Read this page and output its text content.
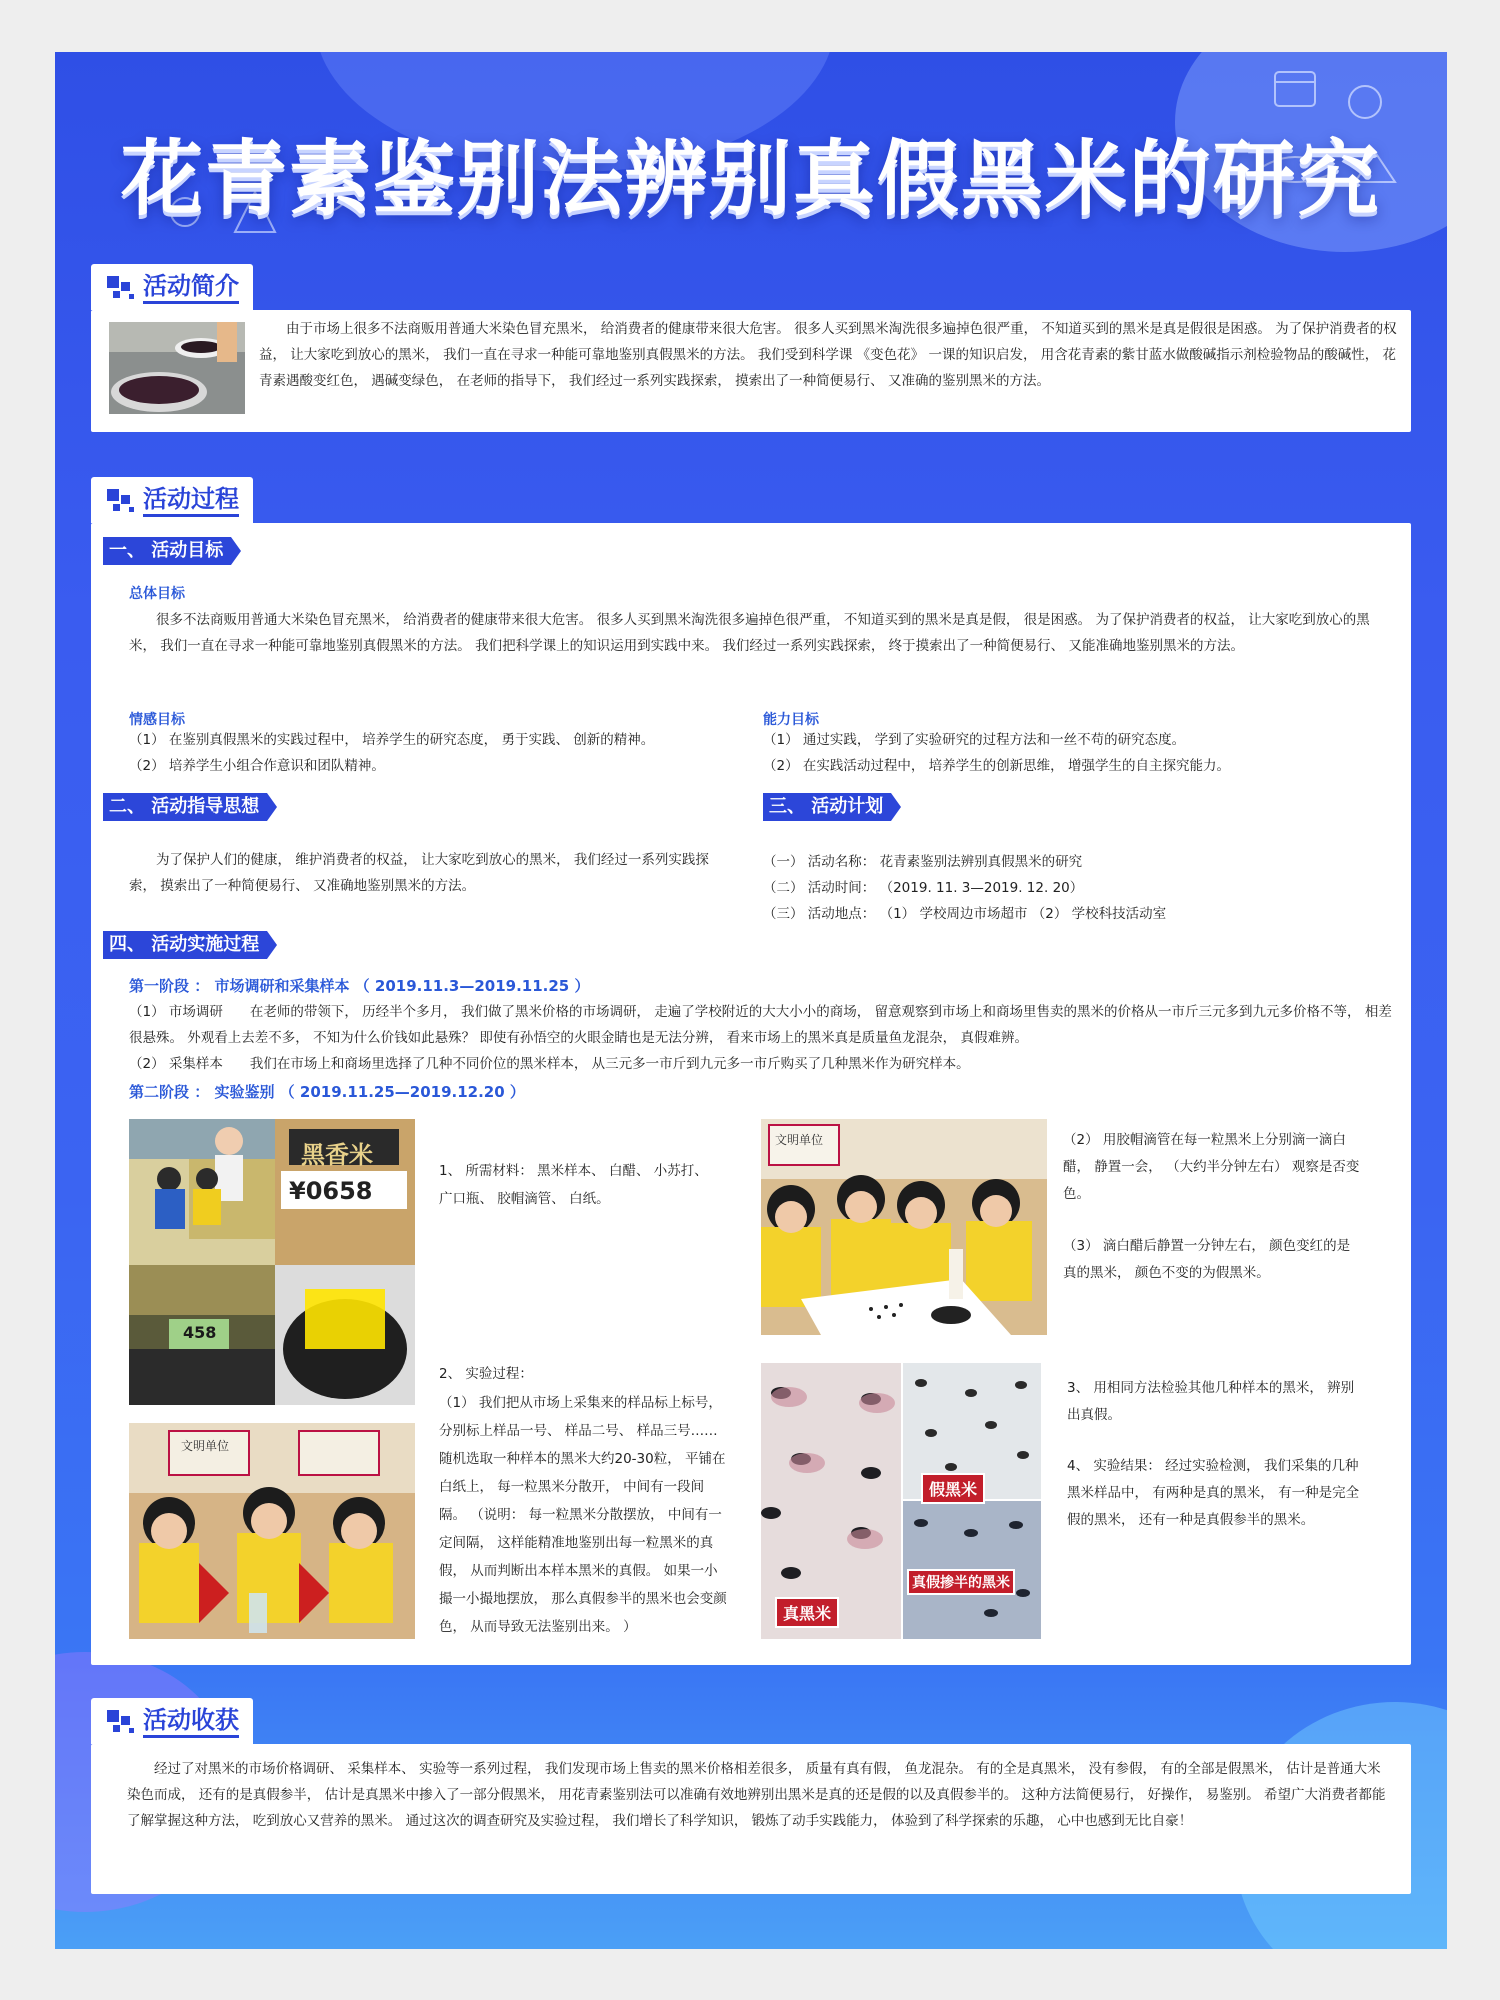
花青素鉴别法辨别真假黑米的研究
活动简介
由于市场上很多不法商贩用普通大米染色冒充黑米， 给消费者的健康带来很大危害。 很多人买到黑米淘洗很多遍掉色很严重， 不知道买到的黑米是真是假很是困惑。 为了保护消费者的权益， 让大家吃到放心的黑米， 我们一直在寻求一种能可靠地鉴别真假黑米的方法。 我们受到科学课 《变色花》 一课的知识启发， 用含花青素的紫甘蓝水做酸碱指示剂检验物品的酸碱性， 花青素遇酸变红色， 遇碱变绿色， 在老师的指导下， 我们经过一系列实践探索， 摸索出了一种简便易行、 又准确的鉴别黑米的方法。
活动过程
一、 活动目标
总体目标
很多不法商贩用普通大米染色冒充黑米， 给消费者的健康带来很大危害。 很多人买到黑米淘洗很多遍掉色很严重， 不知道买到的黑米是真是假， 很是困惑。 为了保护消费者的权益， 让大家吃到放心的黑米， 我们一直在寻求一种能可靠地鉴别真假黑米的方法。 我们把科学课上的知识运用到实践中来。 我们经过一系列实践探索， 终于摸索出了一种简便易行、 又能准确地鉴别黑米的方法。
情感目标
（1） 在鉴别真假黑米的实践过程中， 培养学生的研究态度， 勇于实践、 创新的精神。
（2） 培养学生小组合作意识和团队精神。
能力目标
（1） 通过实践， 学到了实验研究的过程方法和一丝不苟的研究态度。
（2） 在实践活动过程中， 培养学生的创新思维， 增强学生的自主探究能力。
二、 活动指导思想
为了保护人们的健康， 维护消费者的权益， 让大家吃到放心的黑米， 我们经过一系列实践探索， 摸索出了一种简便易行、 又准确地鉴别黑米的方法。
三、 活动计划
（一） 活动名称： 花青素鉴别法辨别真假黑米的研究
（二） 活动时间： （2019. 11. 3—2019. 12. 20）
（三） 活动地点： （1） 学校周边市场超市 （2） 学校科技活动室
四、 活动实施过程
第一阶段 ： 市场调研和采集样本 （ 2019.11.3—2019.11.25 ）
（1） 市场调研　　在老师的带领下， 历经半个多月， 我们做了黑米价格的市场调研， 走遍了学校附近的大大小小的商场， 留意观察到市场上和商场里售卖的黑米的价格从一市斤三元多到九元多价格不等， 相差很悬殊。 外观看上去差不多， 不知为什么价钱如此悬殊？ 即使有孙悟空的火眼金睛也是无法分辨， 看来市场上的黑米真是质量鱼龙混杂， 真假难辨。
（2） 采集样本　　我们在市场上和商场里选择了几种不同价位的黑米样本， 从三元多一市斤到九元多一市斤购买了几种黑米作为研究样本。
第二阶段 ： 实验鉴别 （ 2019.11.25—2019.12.20 ）
黑香米
¥0658
458
文明单位
1、 所需材料： 黑米样本、 白醋、 小苏打、 广口瓶、 胶帽滴管、 白纸。
2、 实验过程：
（1） 我们把从市场上采集来的样品标上标号， 分别标上样品一号、 样品二号、 样品三号…… 随机选取一种样本的黑米大约20-30粒， 平铺在白纸上， 每一粒黑米分散开， 中间有一段间隔。 （说明： 每一粒黑米分散摆放， 中间有一定间隔， 这样能精准地鉴别出每一粒黑米的真假， 从而判断出本样本黑米的真假。 如果一小撮一小撮地摆放， 那么真假参半的黑米也会变颜色， 从而导致无法鉴别出来。 ）
文明单位	（2） 用胶帽滴管在每一粒黑米上分别滴一滴白醋， 静置一会， （大约半分钟左右） 观察是否变色。
（3） 滴白醋后静置一分钟左右， 颜色变红的是真的黑米， 颜色不变的为假黑米。
假黑米
真黑米
真假掺半的黑米
3、 用相同方法检验其他几种样本的黑米， 辨别出真假。
4、 实验结果： 经过实验检测， 我们采集的几种黑米样品中， 有两种是真的黑米， 有一种是完全假的黑米， 还有一种是真假参半的黑米。
活动收获
经过了对黑米的市场价格调研、 采集样本、 实验等一系列过程， 我们发现市场上售卖的黑米价格相差很多， 质量有真有假， 鱼龙混杂。 有的全是真黑米， 没有参假， 有的全部是假黑米， 估计是普通大米染色而成， 还有的是真假参半， 估计是真黑米中掺入了一部分假黑米， 用花青素鉴别法可以准确有效地辨别出黑米是真的还是假的以及真假参半的。 这种方法简便易行， 好操作， 易鉴别。 希望广大消费者都能了解掌握这种方法， 吃到放心又营养的黑米。 通过这次的调查研究及实验过程， 我们增长了科学知识， 锻炼了动手实践能力， 体验到了科学探索的乐趣， 心中也感到无比自豪！
